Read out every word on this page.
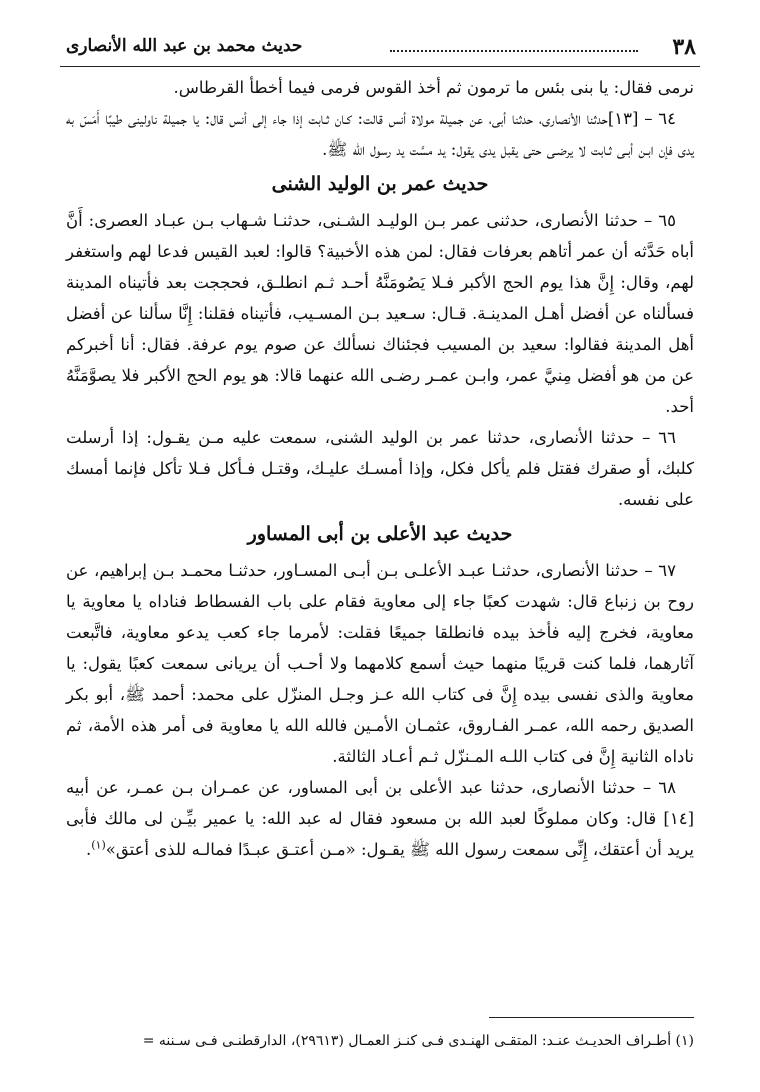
٣٨
حديث محمد بن عبد الله الأنصارى

نرمى فقال: يا بنى بئس ما ترمون ثم أخذ القوس فرمى فيما أخطأ القرطاس.

٦٤ – [١٣]حدثنا الأنصارى، حدثنا أبى، عن جميلة مولاة أنس قالت: كـان ثـابت إذا جاء إلى أنس قال: يا جميلة ناولينى طيبًا أَمَسّ به يدى فإن ابـن أبـى ثـابت لا يرضـى حتى يقبل يدى يقول: يد مسَّت يد رسول الله ﷺ.

حديث عمر بن الوليد الشنى

٦٥ – حدثنا الأنصارى، حدثنى عمر بـن الوليـد الشـنى، حدثنـا شـهاب بـن عبـاد العصرى: أَنَّ أباه حَدَّثه أن عمر أتاهم بعرفات فقال: لمن هذه الأخبية؟ قالوا: لعبد القيس فدعا لهم واستغفر لهم، وقال: إِنَّ هذا يوم الحج الأكبر فـلا يَصُومَنَّهُ أحـد ثـم انطلـق، فحججت بعد فأتيناه المدينة فسألناه عن أفضل أهـل المدينـة. قـال: سـعيد بـن المسـيب، فأتيناه فقلنا: إِنَّا سألنا عن أفضل أهل المدينة فقالوا: سعيد بن المسيب فجئناك نسألك عن صوم يوم عرفة. فقال: أنا أخبركم عن من هو أفضل مِنيَّ عمر، وابـن عمـر رضـى الله عنهما قالا: هو يوم الحج الأكبر فلا يصوَّمَنَّهُ أحد.

٦٦ – حدثنا الأنصارى، حدثنا عمر بن الوليد الشنى، سمعت عليه مـن يقـول: إذا أرسلت كلبك، أو صقرك فقتل فلم يأكل فكل، وإذا أمسـك عليـك، وقتـل فـأكل فـلا تأكل فإنما أمسك على نفسه.

حديث عبد الأعلى بن أبى المساور

٦٧ – حدثنا الأنصارى، حدثنـا عبـد الأعلـى بـن أبـى المسـاور، حدثنـا محمـد بـن إبراهيم، عن روح بن زنباع قال: شهدت كعبًا جاء إلى معاوية فقام على باب الفسطاط فناداه يا معاوية يا معاوية، فخرج إليه فأخذ بيده فانطلقا جميعًا فقلت: لأمرما جاء كعب يدعو معاوية، فاتَّبعت آثارهما، فلما كنت قريبًا منهما حيث أسمع كلامهما ولا أحـب أن يريانى سمعت كعبًا يقول: يا معاوية والذى نفسى بيده إِنَّ فى كتاب الله عـز وجـل المنزّل على محمد: أحمد ﷺ، أبو بكر الصديق رحمه الله، عمـر الفـاروق، عثمـان الأمـين فالله الله يا معاوية فى أمر هذه الأمة، ثم ناداه الثانية إِنَّ فى كتاب اللـه المـنزّل ثـم أعـاد الثالثة.

٦٨ – حدثنا الأنصارى، حدثنا عبد الأعلى بن أبى المساور، عن عمـران بـن عمـر، عن أبيه [١٤] قال: وكان مملوكًا لعبد الله بن مسعود فقال له عبد الله: يا عمير بيِّـن لى مالك فأبى يريد أن أعتقك، إِنِّى سمعت رسول الله ﷺ يقـول: «مـن أعتـق عبـدًا فمالـه للذى أعتق»$^{(١)}$.

(١) أطـراف الحديـث عنـد: المتقـى الهنـدى فـى كنـز العمـال (٢٩٦١٣)، الدارقطنـى فـى سـننه =
